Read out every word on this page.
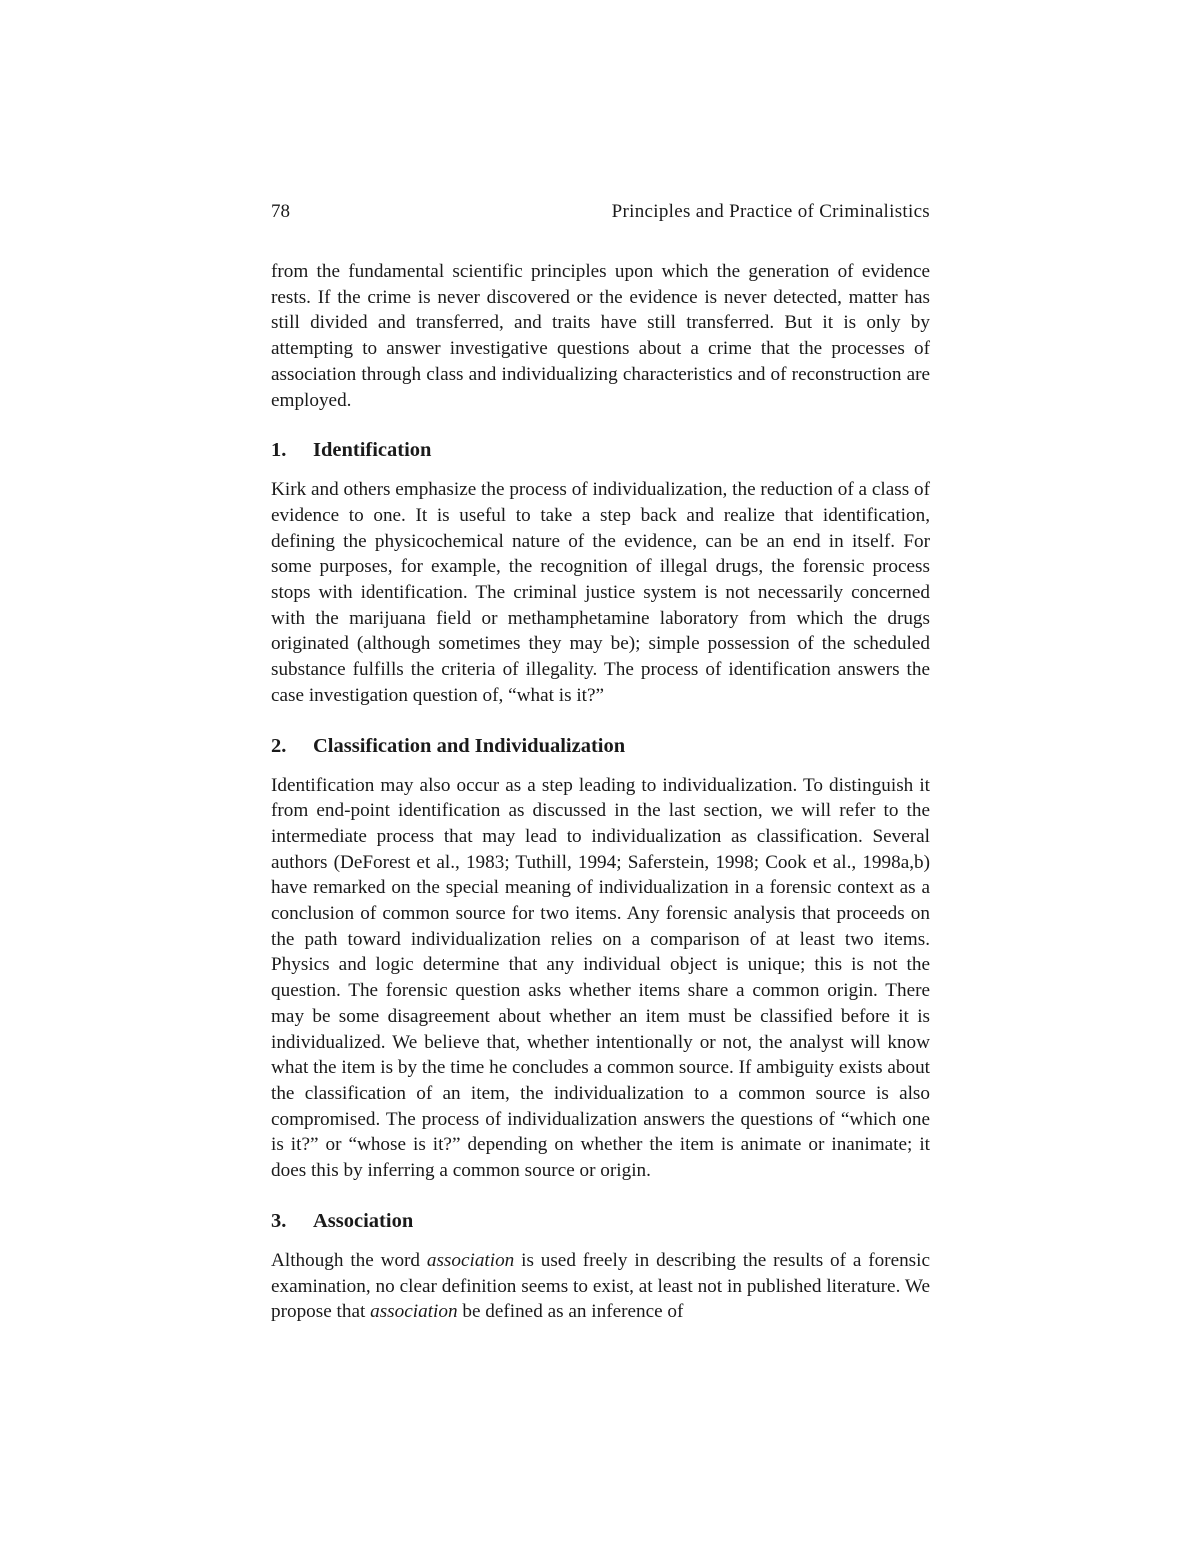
78	Principles and Practice of Criminalistics

from the fundamental scientific principles upon which the generation of evidence rests. If the crime is never discovered or the evidence is never detected, matter has still divided and transferred, and traits have still transferred. But it is only by attempting to answer investigative questions about a crime that the processes of association through class and individualizing characteristics and of reconstruction are employed.

1.	Identification

Kirk and others emphasize the process of individualization, the reduction of a class of evidence to one. It is useful to take a step back and realize that identification, defining the physicochemical nature of the evidence, can be an end in itself. For some purposes, for example, the recognition of illegal drugs, the forensic process stops with identification. The criminal justice system is not necessarily concerned with the marijuana field or methamphetamine laboratory from which the drugs originated (although sometimes they may be); simple possession of the scheduled substance fulfills the criteria of illegality. The process of identification answers the case investigation question of, “what is it?”

2.	Classification and Individualization

Identification may also occur as a step leading to individualization. To distinguish it from end-point identification as discussed in the last section, we will refer to the intermediate process that may lead to individualization as classification. Several authors (DeForest et al., 1983; Tuthill, 1994; Saferstein, 1998; Cook et al., 1998a,b) have remarked on the special meaning of individualization in a forensic context as a conclusion of common source for two items. Any forensic analysis that proceeds on the path toward individualization relies on a comparison of at least two items. Physics and logic determine that any individual object is unique; this is not the question. The forensic question asks whether items share a common origin. There may be some disagreement about whether an item must be classified before it is individualized. We believe that, whether intentionally or not, the analyst will know what the item is by the time he concludes a common source. If ambiguity exists about the classification of an item, the individualization to a common source is also compromised. The process of individualization answers the questions of “which one is it?” or “whose is it?” depending on whether the item is animate or inanimate; it does this by inferring a common source or origin.

3.	Association

Although the word association is used freely in describing the results of a forensic examination, no clear definition seems to exist, at least not in published literature. We propose that association be defined as an inference of
